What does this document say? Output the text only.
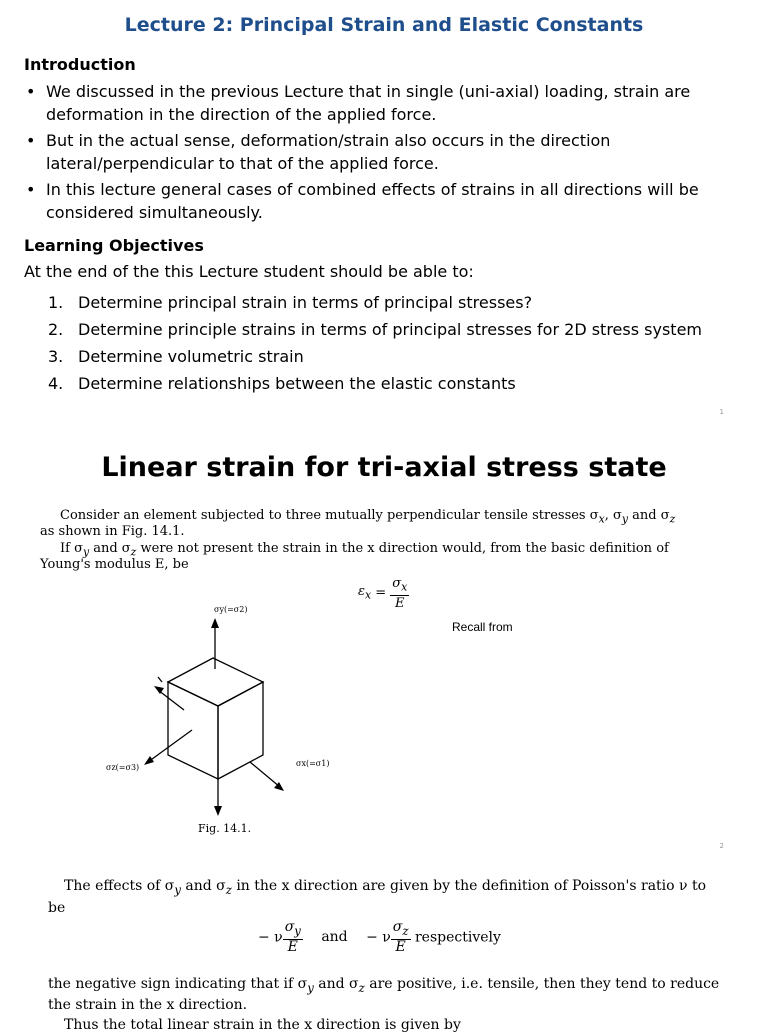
Lecture 2: Principal Strain and Elastic Constants
Introduction
• We discussed in the previous Lecture that in single (uni-axial) loading, strain are deformation in the direction of the applied force.
• But in the actual sense, deformation/strain also occurs in the direction lateral/perpendicular to that of the applied force.
• In this lecture general cases of combined effects of strains in all directions will be considered simultaneously.
Learning Objectives
At the end of the this Lecture student should be able to:
1. Determine principal strain in terms of principal stresses?
2. Determine principle strains in terms of principal stresses for 2D stress system
3. Determine volumetric strain
4. Determine relationships between the elastic constants
1
Linear strain for tri-axial stress state
Consider an element subjected to three mutually perpendicular tensile stresses $\sigma_x$, $\sigma_y$ and $\sigma_z$
as shown in Fig. 14.1.
If $\sigma_y$ and $\sigma_z$ were not present the strain in the x direction would, from the basic definition of
Young's modulus E, be
$\varepsilon_x = \frac{\sigma_x}{E}$
Recall from
σy(=σ2)
σz(=σ3)	σx(=σ1)
Fig. 14.1.
2
The effects of $\sigma_y$ and $\sigma_z$ in the x direction are given by the definition of Poisson's ratio ν to
be
− ν $\frac{\sigma_y}{E}$ and − ν $\frac{\sigma_z}{E}$ respectively
the negative sign indicating that if $\sigma_y$ and $\sigma_z$ are positive, i.e. tensile, then they tend to reduce
the strain in the x direction.
Thus the total linear strain in the x direction is given by
